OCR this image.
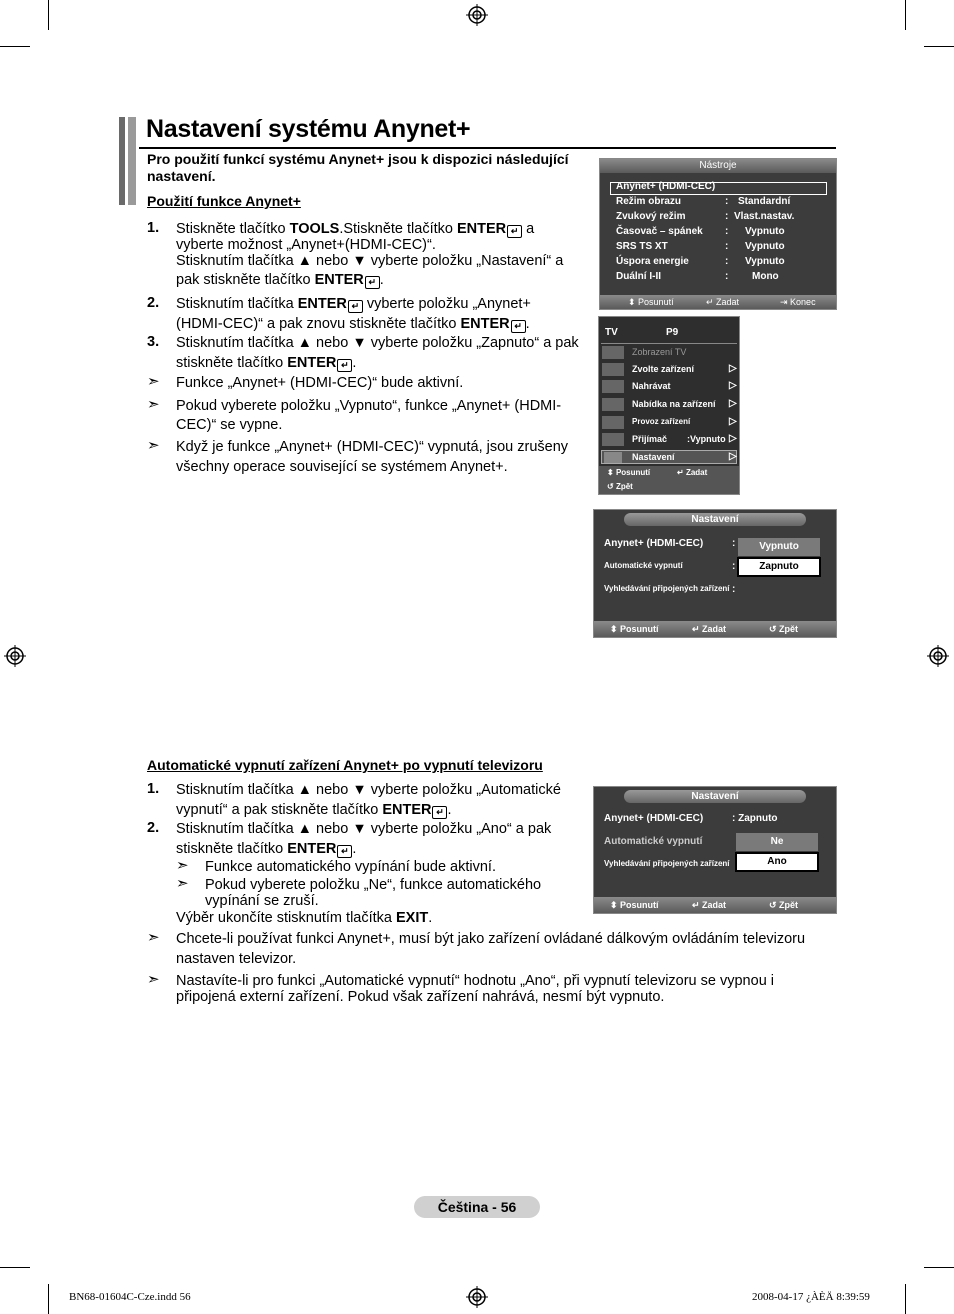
Nastavení systému Anynet+
Pro použití funkcí systému Anynet+ jsou k dispozici následující nastavení.
Použití funkce Anynet+
1. Stiskněte tlačítko TOOLS.Stiskněte tlačítko ENTER ↵ a
vyberte možnost „Anynet+(HDMI-CEC)“.
Stisknutím tlačítka ▲ nebo ▼ vyberte položku „Nastavení“ a
pak stiskněte tlačítko ENTER ↵ .
2. Stisknutím tlačítka ENTER ↵ vyberte položku „Anynet+
(HDMI-CEC)“ a pak znovu stiskněte tlačítko ENTER ↵ .
3. Stisknutím tlačítka ▲ nebo ▼ vyberte položku „Zapnuto“ a pak
stiskněte tlačítko ENTER ↵ .
➣ Funkce „Anynet+ (HDMI-CEC)“ bude aktivní.
➣ Pokud vyberete položku „Vypnuto“, funkce „Anynet+ (HDMI-
CEC)“ se vypne.
➣ Když je funkce „Anynet+ (HDMI-CEC)“ vypnutá, jsou zrušeny
všechny operace související se systémem Anynet+.
Nástroje
Anynet+ (HDMI-CEC)
Režim obrazu	: Standardní
Zvukový režim	: Vlast.nastav.
Časovač – spánek : Vypnuto
SRS TS XT	: Vypnuto
Úspora energie	: Vypnuto
Duální I-II	: Mono
⬍ Posunutí	↵ Zadat	⇥ Konec
TV	P9
Zobrazení TV
Zvolte zařízení	▷
Nahrávat	▷
Nabídka na zařízení ▷
Provoz zařízení	▷
Přijímač :Vypnuto ▷
Nastavení	▷
⬍ Posunutí	↵ Zadat
↺ Zpět
Nastavení
Anynet+ (HDMI-CEC)	:
Automatické vypnutí	:
Vyhledávání připojených zařízení :
Vypnuto
Zapnuto
⬍ Posunutí	↵ Zadat	↺ Zpět
Automatické vypnutí zařízení Anynet+ po vypnutí televizoru
1. Stisknutím tlačítka ▲ nebo ▼ vyberte položku „Automatické
vypnutí“ a pak stiskněte tlačítko ENTER ↵ .
2. Stisknutím tlačítka ▲ nebo ▼ vyberte položku „Ano“ a pak
stiskněte tlačítko ENTER ↵ .
➣ Funkce automatického vypínání bude aktivní.
➣ Pokud vyberete položku „Ne“, funkce automatického
vypínání se zruší.
Výběr ukončíte stisknutím tlačítka EXIT.
➣ Chcete-li používat funkci Anynet+, musí být jako zařízení ovládané dálkovým ovládáním televizoru
nastaven televizor.
➣ Nastavíte-li pro funkci „Automatické vypnutí“ hodnotu „Ano“, při vypnutí televizoru se vypnou i
připojená externí zařízení. Pokud však zařízení nahrává, nesmí být vypnuto.
Nastavení
Anynet+ (HDMI-CEC)	: Zapnuto
Automatické vypnutí
Vyhledávání připojených zařízení
Ne
Ano
⬍ Posunutí	↵ Zadat	↺ Zpět
Čeština - 56
BN68-01604C-Cze.indd 56	2008-04-17 ¿ÀÈÄ 8:39:59
